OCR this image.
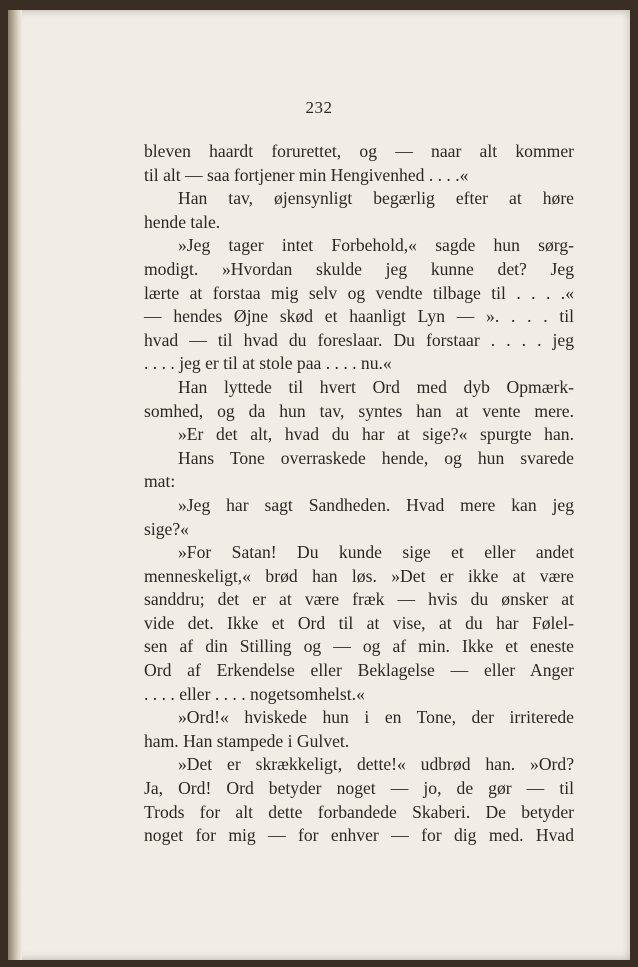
232
bleven haardt forurettet, og — naar alt kommer
til alt — saa fortjener min Hengivenhed . . . .«
Han tav, øjensynligt begærlig efter at høre
hende tale.
»Jeg tager intet Forbehold,« sagde hun sørg-
modigt. »Hvordan skulde jeg kunne det? Jeg
lærte at forstaa mig selv og vendte tilbage til . . . .«
— hendes Øjne skød et haanligt Lyn — ». . . . til
hvad — til hvad du foreslaar. Du forstaar . . . . jeg
. . . . jeg er til at stole paa . . . . nu.«
Han lyttede til hvert Ord med dyb Opmærk-
somhed, og da hun tav, syntes han at vente mere.
»Er det alt, hvad du har at sige?« spurgte han.
Hans Tone overraskede hende, og hun svarede
mat:
»Jeg har sagt Sandheden. Hvad mere kan jeg
sige?«
»For Satan! Du kunde sige et eller andet
menneskeligt,« brød han løs. »Det er ikke at være
sanddru; det er at være fræk — hvis du ønsker at
vide det. Ikke et Ord til at vise, at du har Følel-
sen af din Stilling og — og af min. Ikke et eneste
Ord af Erkendelse eller Beklagelse — eller Anger
. . . . eller . . . . nogetsomhelst.«
»Ord!« hviskede hun i en Tone, der irriterede
ham. Han stampede i Gulvet.
»Det er skrækkeligt, dette!« udbrød han. »Ord?
Ja, Ord! Ord betyder noget — jo, de gør — til
Trods for alt dette forbandede Skaberi. De betyder
noget for mig — for enhver — for dig med. Hvad
